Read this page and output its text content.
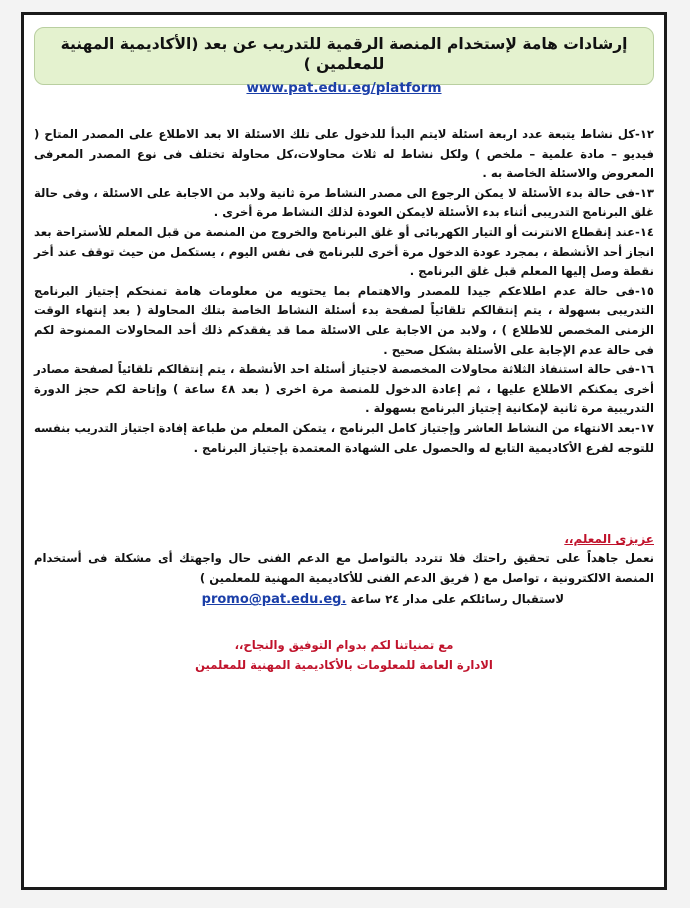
إرشادات هامة لإستخدام المنصة الرقمية للتدريب عن بعد (الأكاديمية المهنية للمعلمين )
www.pat.edu.eg/platform
١٢-كل نشاط يتبعة عدد اربعة اسئلة لايتم البدأ للدخول على تلك الاسئلة الا بعد الاطلاع على المصدر المتاح ( فيديو – مادة علمية – ملخص ) ولكل نشاط له ثلاث محاولات،كل محاولة تختلف فى نوع المصدر المعرفى المعروض والاسئلة الخاصة به .
١٣-فى حالة بدء الأسئلة لا يمكن الرجوع الى مصدر النشاط مرة ثانية ولابد من الاجابة على الاسئلة ، وفى حالة غلق البرنامج التدريبى أثناء بدء الأسئلة لايمكن العودة لذلك النشاط مرة أخرى .
١٤-عند إنقطاع الانترنت أو التيار الكهربائى أو غلق البرنامج والخروج من المنصة من قبل المعلم للأستراحة بعد انجاز أحد الأنشطة ، بمجرد عودة الدخول مرة أخرى للبرنامج فى نفس اليوم ، يستكمل من حيث توقف عند أخر نقطة وصل إليها المعلم قبل غلق البرنامج .
١٥-فى حالة عدم اطلاعكم جيدا للمصدر والاهتمام بما يحتويه من معلومات هامة تمنحكم إجتياز البرنامج التدريبى بسهولة ، يتم إنتقالكم تلقائياً لصفحة بدء أسئلة النشاط الخاصة بتلك المحاولة ( بعد إنتهاء الوقت الزمنى المخصص للاطلاع ) ، ولابد من الاجابة على الاسئلة مما قد يفقدكم ذلك أحد المحاولات الممنوحة لكم فى حالة عدم الإجابة على الأسئلة بشكل صحيح .
١٦-فى حالة استنفاذ الثلاثة محاولات المخصصة لاجتياز أسئلة احد الأنشطة ، يتم إنتقالكم تلقائياً لصفحة مصادر أخرى يمكنكم الاطلاع عليها ، ثم إعادة الدخول للمنصة مرة اخرى ( بعد ٤٨ ساعة ) وإتاحة لكم حجز الدورة التدريبية مرة ثانية لإمكانية إجتياز البرنامج بسهولة .
١٧-بعد الانتهاء من النشاط العاشر وإجتياز كامل البرنامج ، يتمكن المعلم من طباعة إفادة اجتياز التدريب بنفسه للتوجه لفرع الأكاديمية التابع له والحصول على الشهادة المعتمدة بإجتياز البرنامج .
عزيزى المعلم،،
نعمل جاهداً على تحقيق راحتك فلا تتردد بالتواصل مع الدعم الفنى حال واجهتك أى مشكلة فى أستخدام المنصة الالكترونية ، تواصل مع ( فريق الدعم الفنى للأكاديمية المهنية للمعلمين )
لاستقبال رسائلكم على مدار ٢٤ ساعة promo@pat.edu.eg.
مع تمنياتنا لكم بدوام التوفيق والنجاح،،
الادارة العامة للمعلومات بالأكاديمية المهنية للمعلمين
